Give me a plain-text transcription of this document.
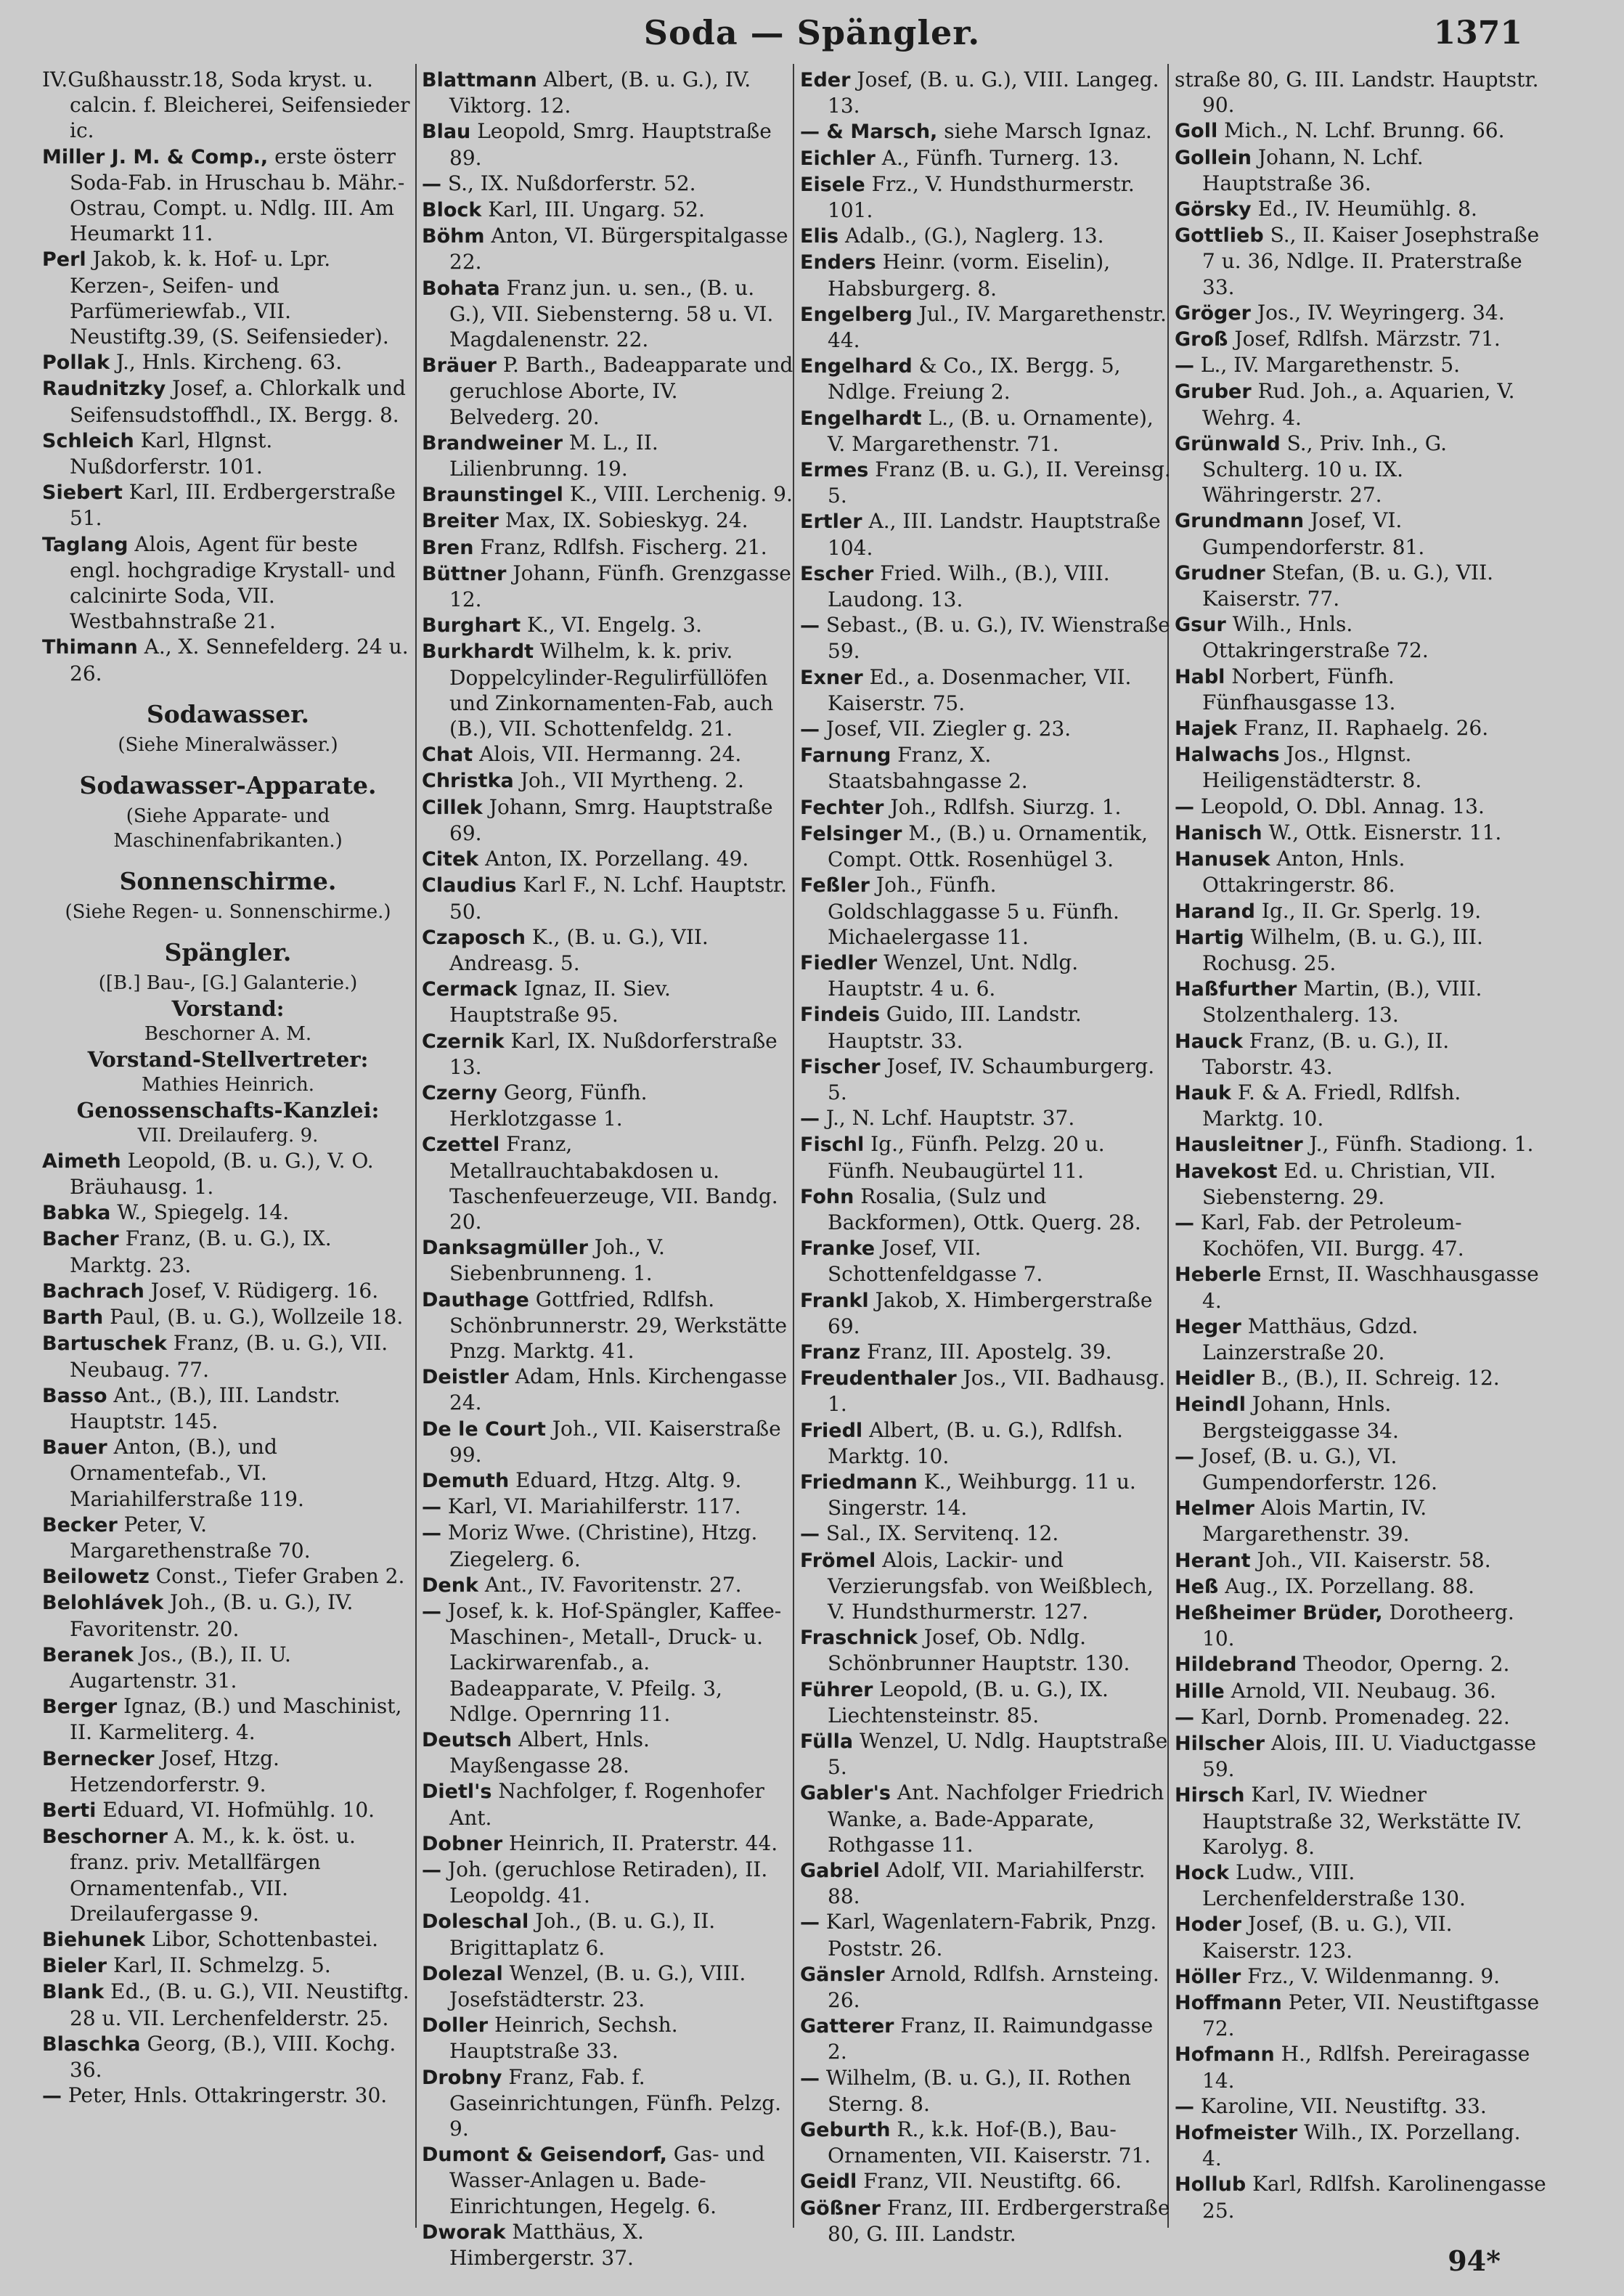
Soda — Spängler.	1371
IV.Gußhausstr.18, Soda kryst. u. calcin. f. Bleicherei, Seifensieder ic.
Miller J. M. & Comp., erste österr Soda-Fab. in Hruschau b. Mähr.-Ostrau, Compt. u. Ndlg. III. Am Heumarkt 11.
Perl Jakob, k. k. Hof- u. Lpr. Kerzen-, Seifen- und Parfümeriewfab., VII. Neustiftg.39, (S. Seifensieder).
Pollak J., Hnls. Kircheng. 63.
Raudnitzky Josef, a. Chlorkalk und Seifensudstoffhdl., IX. Bergg. 8.
Schleich Karl, Hlgnst. Nußdorferstr. 101.
Siebert Karl, III. Erdbergerstraße 51.
Taglang Alois, Agent für beste engl. hochgradige Krystall- und calcinirte Soda, VII. Westbahnstraße 21.
Thimann A., X. Sennefelderg. 24 u. 26.
Sodawasser.
(Siehe Mineralwässer.)
Sodawasser-Apparate.
(Siehe Apparate- und Maschinenfabrikanten.)
Sonnenschirme.
(Siehe Regen- u. Sonnenschirme.)
Spängler.
([B.] Bau-, [G.] Galanterie.)
Vorstand:
Beschorner A. M.
Vorstand-Stellvertreter:
Mathies Heinrich.
Genossenschafts-Kanzlei:
VII. Dreilauferg. 9.
Aimeth Leopold, (B. u. G.), V. O. Bräuhausg. 1.
Babka W., Spiegelg. 14.
Bacher Franz, (B. u. G.), IX. Marktg. 23.
Bachrach Josef, V. Rüdigerg. 16.
Barth Paul, (B. u. G.), Wollzeile 18.
Bartuschek Franz, (B. u. G.), VII. Neubaug. 77.
Basso Ant., (B.), III. Landstr. Hauptstr. 145.
Bauer Anton, (B.), und Ornamentefab., VI. Mariahilferstraße 119.
Becker Peter, V. Margarethenstraße 70.
Beilowetz Const., Tiefer Graben 2.
Belohlávek Joh., (B. u. G.), IV. Favoritenstr. 20.
Beranek Jos., (B.), II. U. Augartenstr. 31.
Berger Ignaz, (B.) und Maschinist, II. Karmeliterg. 4.
Bernecker Josef, Htzg. Hetzendorferstr. 9.
Berti Eduard, VI. Hofmühlg. 10.
Beschorner A. M., k. k. öst. u. franz. priv. Metallfärgen Ornamentenfab., VII. Dreilaufergasse 9.
Biehunek Libor, Schottenbastei.
Bieler Karl, II. Schmelzg. 5.
Blank Ed., (B. u. G.), VII. Neustiftg. 28 u. VII. Lerchenfelderstr. 25.
Blaschka Georg, (B.), VIII. Kochg. 36.
— Peter, Hnls. Ottakringerstr. 30.
Blattmann Albert, (B. u. G.), IV. Viktorg. 12.
Blau Leopold, Smrg. Hauptstraße 89.
— S., IX. Nußdorferstr. 52.
Block Karl, III. Ungarg. 52.
Böhm Anton, VI. Bürgerspitalgasse 22.
Bohata Franz jun. u. sen., (B. u. G.), VII. Siebensterng. 58 u. VI. Magdalenenstr. 22.
Bräuer P. Barth., Badeapparate und geruchlose Aborte, IV. Belvederg. 20.
Brandweiner M. L., II. Lilienbrunng. 19.
Braunstingel K., VIII. Lerchenig. 9.
Breiter Max, IX. Sobieskyg. 24.
Bren Franz, Rdlfsh. Fischerg. 21.
Büttner Johann, Fünfh. Grenzgasse 12.
Burghart K., VI. Engelg. 3.
Burkhardt Wilhelm, k. k. priv. Doppelcylinder-Regulirfüllöfen und Zinkornamenten-Fab, auch (B.), VII. Schottenfeldg. 21.
Chat Alois, VII. Hermanng. 24.
Christka Joh., VII Myrtheng. 2.
Cillek Johann, Smrg. Hauptstraße 69.
Citek Anton, IX. Porzellang. 49.
Claudius Karl F., N. Lchf. Hauptstr. 50.
Czaposch K., (B. u. G.), VII. Andreasg. 5.
Cermack Ignaz, II. Siev. Hauptstraße 95.
Czernik Karl, IX. Nußdorferstraße 13.
Czerny Georg, Fünfh. Herklotzgasse 1.
Czettel Franz, Metallrauchtabakdosen u. Taschenfeuerzeuge, VII. Bandg. 20.
Danksagmüller Joh., V. Siebenbrunneng. 1.
Dauthage Gottfried, Rdlfsh. Schönbrunnerstr. 29, Werkstätte Pnzg. Marktg. 41.
Deistler Adam, Hnls. Kirchengasse 24.
De le Court Joh., VII. Kaiserstraße 99.
Demuth Eduard, Htzg. Altg. 9.
— Karl, VI. Mariahilferstr. 117.
— Moriz Wwe. (Christine), Htzg. Ziegelerg. 6.
Denk Ant., IV. Favoritenstr. 27.
— Josef, k. k. Hof-Spängler, Kaffee-Maschinen-, Metall-, Druck- u. Lackirwarenfab., a. Badeapparate, V. Pfeilg. 3, Ndlge. Opernring 11.
Deutsch Albert, Hnls. Mayßengasse 28.
Dietl's Nachfolger, f. Rogenhofer Ant.
Dobner Heinrich, II. Praterstr. 44.
— Joh. (geruchlose Retiraden), II. Leopoldg. 41.
Doleschal Joh., (B. u. G.), II. Brigittaplatz 6.
Dolezal Wenzel, (B. u. G.), VIII. Josefstädterstr. 23.
Doller Heinrich, Sechsh. Hauptstraße 33.
Drobny Franz, Fab. f. Gaseinrichtungen, Fünfh. Pelzg. 9.
Dumont & Geisendorf, Gas- und Wasser-Anlagen u. Bade-Einrichtungen, Hegelg. 6.
Dworak Matthäus, X. Himbergerstr. 37.
Eder Josef, (B. u. G.), VIII. Langeg. 13.
— & Marsch, siehe Marsch Ignaz.
Eichler A., Fünfh. Turnerg. 13.
Eisele Frz., V. Hundsthurmerstr. 101.
Elis Adalb., (G.), Naglerg. 13.
Enders Heinr. (vorm. Eiselin), Habsburgerg. 8.
Engelberg Jul., IV. Margarethenstr. 44.
Engelhard & Co., IX. Bergg. 5, Ndlge. Freiung 2.
Engelhardt L., (B. u. Ornamente), V. Margarethenstr. 71.
Ermes Franz (B. u. G.), II. Vereinsg. 5.
Ertler A., III. Landstr. Hauptstraße 104.
Escher Fried. Wilh., (B.), VIII. Laudong. 13.
— Sebast., (B. u. G.), IV. Wienstraße 59.
Exner Ed., a. Dosenmacher, VII. Kaiserstr. 75.
— Josef, VII. Ziegler g. 23.
Farnung Franz, X. Staatsbahngasse 2.
Fechter Joh., Rdlfsh. Siurzg. 1.
Felsinger M., (B.) u. Ornamentik, Compt. Ottk. Rosenhügel 3.
Feßler Joh., Fünfh. Goldschlaggasse 5 u. Fünfh. Michaelergasse 11.
Fiedler Wenzel, Unt. Ndlg. Hauptstr. 4 u. 6.
Findeis Guido, III. Landstr. Hauptstr. 33.
Fischer Josef, IV. Schaumburgerg. 5.
— J., N. Lchf. Hauptstr. 37.
Fischl Ig., Fünfh. Pelzg. 20 u. Fünfh. Neubaugürtel 11.
Fohn Rosalia, (Sulz und Backformen), Ottk. Querg. 28.
Franke Josef, VII. Schottenfeldgasse 7.
Frankl Jakob, X. Himbergerstraße 69.
Franz Franz, III. Apostelg. 39.
Freudenthaler Jos., VII. Badhausg. 1.
Friedl Albert, (B. u. G.), Rdlfsh. Marktg. 10.
Friedmann K., Weihburgg. 11 u. Singerstr. 14.
— Sal., IX. Servitenq. 12.
Frömel Alois, Lackir- und Verzierungsfab. von Weißblech, V. Hundsthurmerstr. 127.
Fraschnick Josef, Ob. Ndlg. Schönbrunner Hauptstr. 130.
Führer Leopold, (B. u. G.), IX. Liechtensteinstr. 85.
Fülla Wenzel, U. Ndlg. Hauptstraße 5.
Gabler's Ant. Nachfolger Friedrich Wanke, a. Bade-Apparate, Rothgasse 11.
Gabriel Adolf, VII. Mariahilferstr. 88.
— Karl, Wagenlatern-Fabrik, Pnzg. Poststr. 26.
Gänsler Arnold, Rdlfsh. Arnsteing. 26.
Gatterer Franz, II. Raimundgasse 2.
— Wilhelm, (B. u. G.), II. Rothen Sterng. 8.
Geburth R., k.k. Hof-(B.), Bau-Ornamenten, VII. Kaiserstr. 71.
Geidl Franz, VII. Neustiftg. 66.
Gößner Franz, III. Erdbergerstraße 80, G. III. Landstr.
straße 80, G. III. Landstr. Hauptstr. 90.
Goll Mich., N. Lchf. Brunng. 66.
Gollein Johann, N. Lchf. Hauptstraße 36.
Görsky Ed., IV. Heumühlg. 8.
Gottlieb S., II. Kaiser Josephstraße 7 u. 36, Ndlge. II. Praterstraße 33.
Gröger Jos., IV. Weyringerg. 34.
Groß Josef, Rdlfsh. Märzstr. 71.
— L., IV. Margarethenstr. 5.
Gruber Rud. Joh., a. Aquarien, V. Wehrg. 4.
Grünwald S., Priv. Inh., G. Schulterg. 10 u. IX. Währingerstr. 27.
Grundmann Josef, VI. Gumpendorferstr. 81.
Grudner Stefan, (B. u. G.), VII. Kaiserstr. 77.
Gsur Wilh., Hnls. Ottakringerstraße 72.
Habl Norbert, Fünfh. Fünfhausgasse 13.
Hajek Franz, II. Raphaelg. 26.
Halwachs Jos., Hlgnst. Heiligenstädterstr. 8.
— Leopold, O. Dbl. Annag. 13.
Hanisch W., Ottk. Eisnerstr. 11.
Hanusek Anton, Hnls. Ottakringerstr. 86.
Harand Ig., II. Gr. Sperlg. 19.
Hartig Wilhelm, (B. u. G.), III. Rochusg. 25.
Haßfurther Martin, (B.), VIII. Stolzenthalerg. 13.
Hauck Franz, (B. u. G.), II. Taborstr. 43.
Hauk F. & A. Friedl, Rdlfsh. Marktg. 10.
Hausleitner J., Fünfh. Stadiong. 1.
Havekost Ed. u. Christian, VII. Siebensterng. 29.
— Karl, Fab. der Petroleum-Kochöfen, VII. Burgg. 47.
Heberle Ernst, II. Waschhausgasse 4.
Heger Matthäus, Gdzd. Lainzerstraße 20.
Heidler B., (B.), II. Schreig. 12.
Heindl Johann, Hnls. Bergsteiggasse 34.
— Josef, (B. u. G.), VI. Gumpendorferstr. 126.
Helmer Alois Martin, IV. Margarethenstr. 39.
Herant Joh., VII. Kaiserstr. 58.
Heß Aug., IX. Porzellang. 88.
Heßheimer Brüder, Dorotheerg. 10.
Hildebrand Theodor, Operng. 2.
Hille Arnold, VII. Neubaug. 36.
— Karl, Dornb. Promenadeg. 22.
Hilscher Alois, III. U. Viaductgasse 59.
Hirsch Karl, IV. Wiedner Hauptstraße 32, Werkstätte IV. Karolyg. 8.
Hock Ludw., VIII. Lerchenfelderstraße 130.
Hoder Josef, (B. u. G.), VII. Kaiserstr. 123.
Höller Frz., V. Wildenmanng. 9.
Hoffmann Peter, VII. Neustiftgasse 72.
Hofmann H., Rdlfsh. Pereiragasse 14.
— Karoline, VII. Neustiftg. 33.
Hofmeister Wilh., IX. Porzellang. 4.
Hollub Karl, Rdlfsh. Karolinengasse 25.
94*
